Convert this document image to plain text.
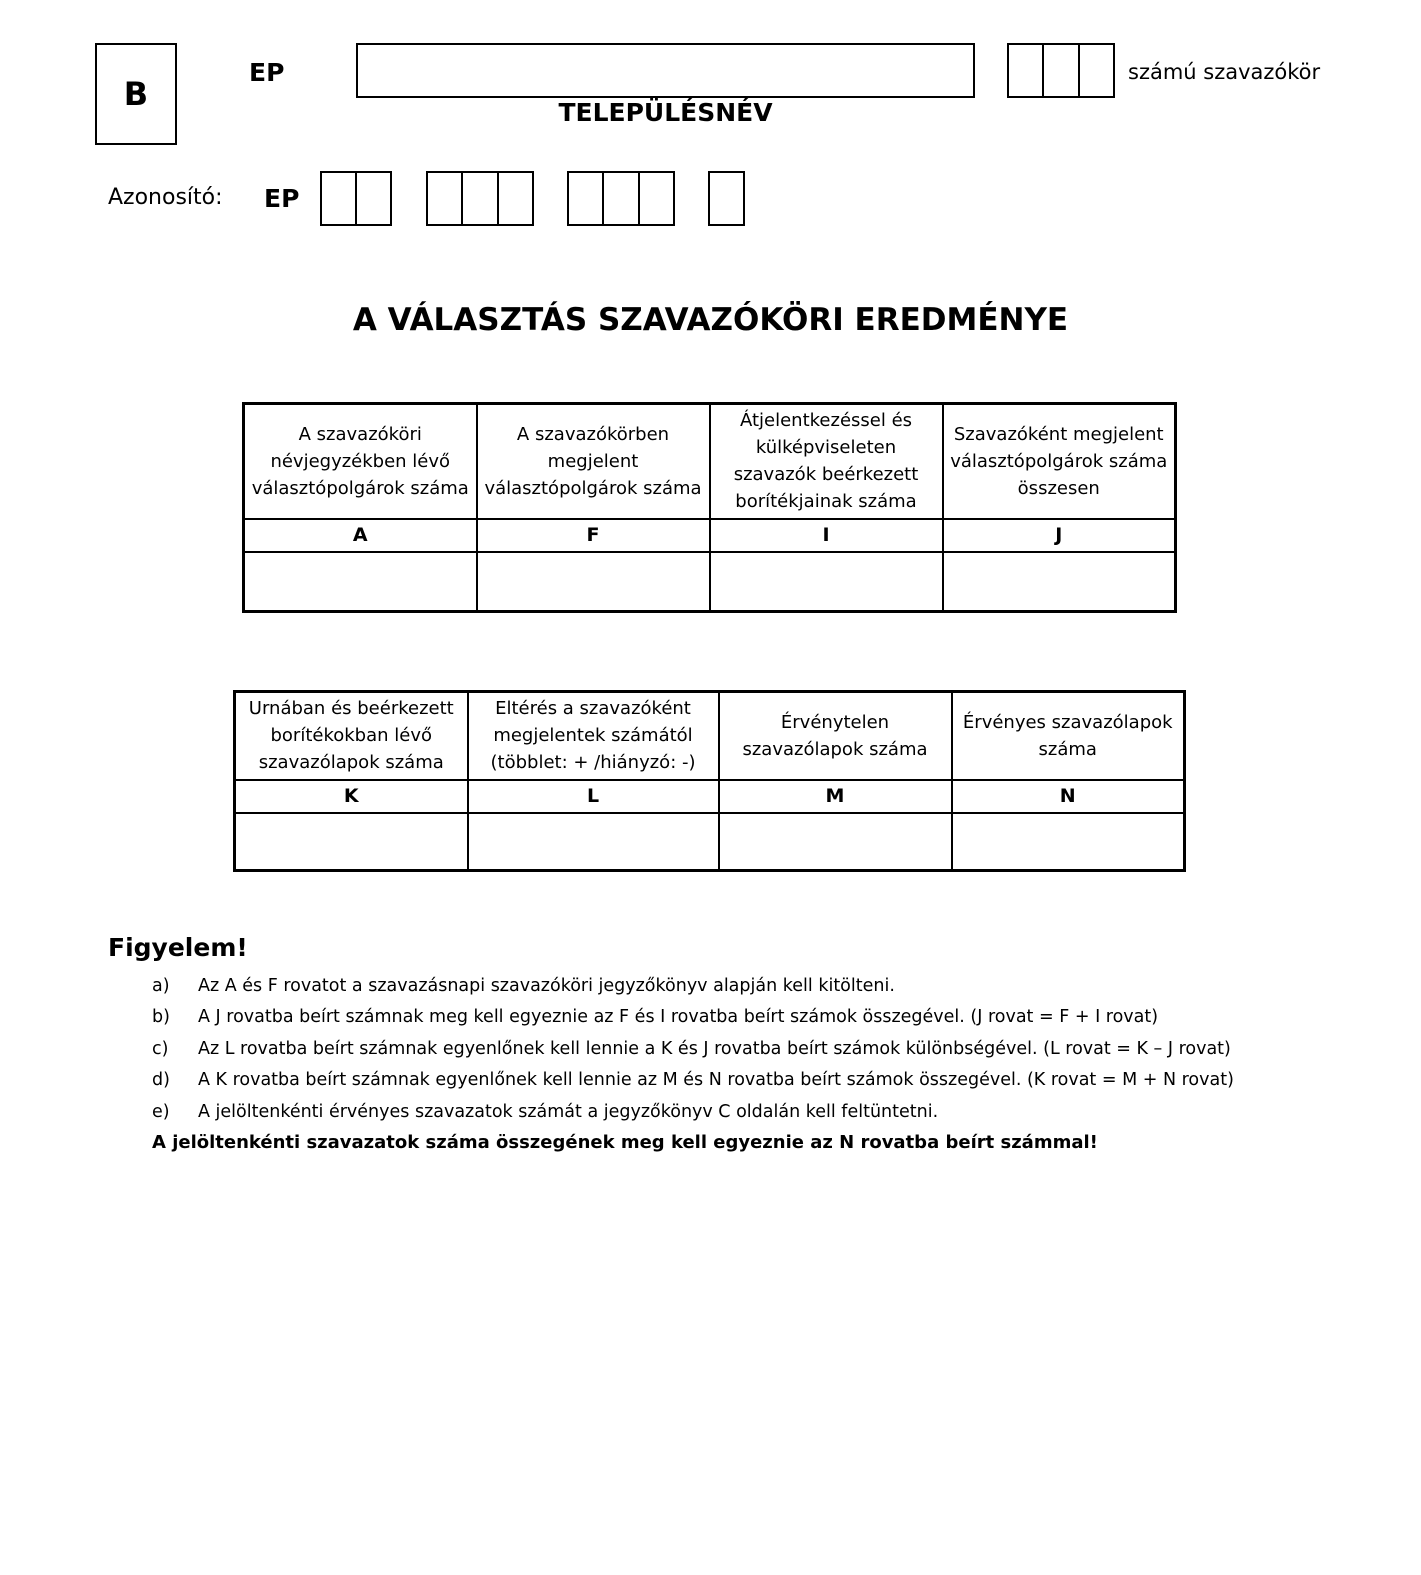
B
EP
TELEPÜLÉSNÉV
számú szavazókör
Azonosító: EP
A VÁLASZTÁS SZAVAZÓKÖRI EREDMÉNYE
A szavazóköri névjegyzékben lévő választópolgárok száma	A szavazókörben megjelent választópolgárok száma	Átjelentkezéssel és külképviseleten szavazók beérkezett borítékjainak száma	Szavazóként megjelent választópolgárok száma összesen
A	F	I	J

Urnában és beérkezett borítékokban lévő szavazólapok száma	Eltérés a szavazóként megjelentek számától (többlet: + /hiányzó: -)	Érvénytelen szavazólapok száma	Érvényes szavazólapok száma
K	L	M	N

Figyelem!
a)	Az A és F rovatot a szavazásnapi szavazóköri jegyzőkönyv alapján kell kitölteni.
b)	A J rovatba beírt számnak meg kell egyeznie az F és I rovatba beírt számok összegével. (J rovat = F + I rovat)
c)	Az L rovatba beírt számnak egyenlőnek kell lennie a K és J rovatba beírt számok különbségével. (L rovat = K – J rovat)
d)	A K rovatba beírt számnak egyenlőnek kell lennie az M és N rovatba beírt számok összegével. (K rovat = M + N rovat)
e)	A jelöltenkénti érvényes szavazatok számát a jegyzőkönyv C oldalán kell feltüntetni.
A jelöltenkénti szavazatok száma összegének meg kell egyeznie az N rovatba beírt számmal!
